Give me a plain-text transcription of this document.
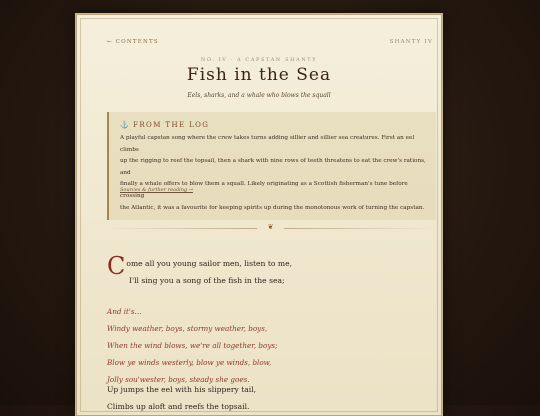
← CONTENTS	SHANTY IV
NO. IV · A CAPSTAN SHANTY
Fish in the Sea
Eels, sharks, and a whale who blows the squall
⚓ FROM THE LOG
A playful capstan song where the crew takes turns adding sillier and sillier sea creatures. First an eel climbs
up the rigging to reef the topsail, then a shark with nine rows of teeth threatens to eat the crew's rations, and
finally a whale offers to blow them a squall. Likely originating as a Scottish fisherman's tune before crossing
the Atlantic, it was a favourite for keeping spirits up during the monotonous work of turning the capstan.
Sources & further reading →
❦
Come all you young sailor men, listen to me,
I'll sing you a song of the fish in the sea;
And it's...
Windy weather, boys, stormy weather, boys,
When the wind blows, we're all together, boys;
Blow ye winds westerly, blow ye winds, blow,
Jolly sou'wester, boys, steady she goes.
Up jumps the eel with his slippery tail,
Climbs up aloft and reefs the topsail.
